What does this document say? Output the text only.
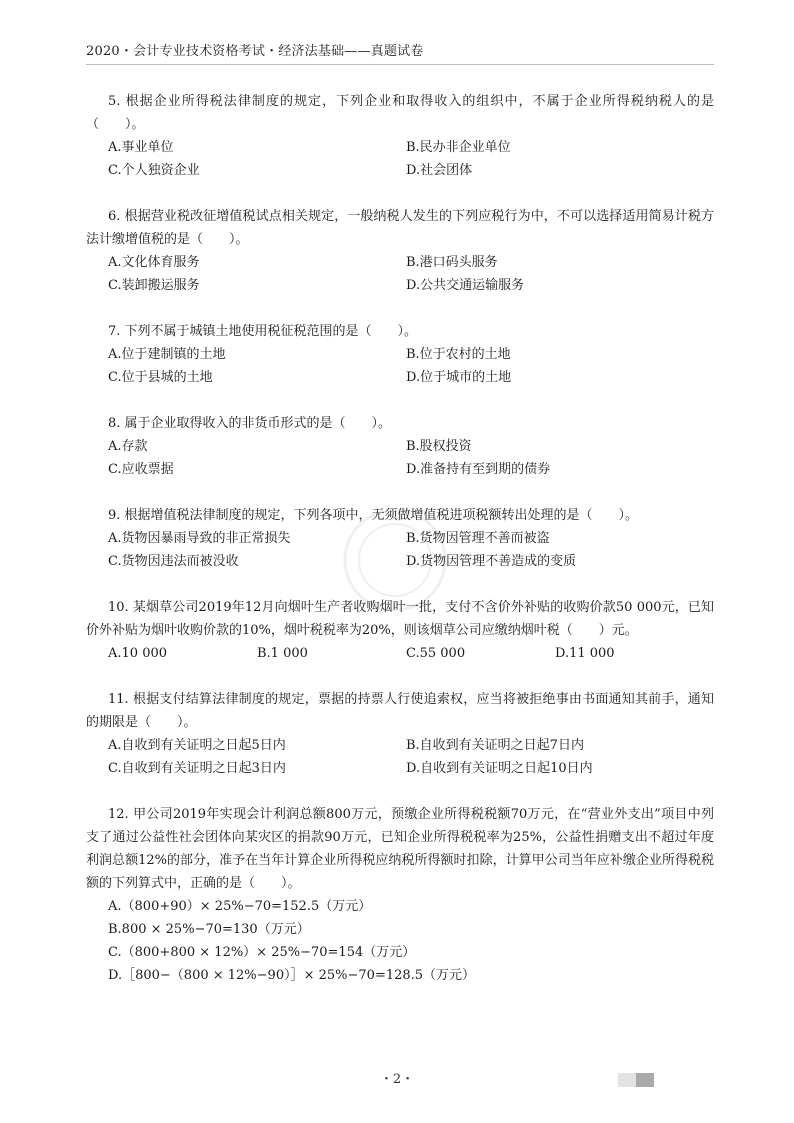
2020・会计专业技术资格考试・经济法基础——真题试卷

5. 根据企业所得税法律制度的规定，下列企业和取得收入的组织中，不属于企业所得税纳税人的是（　　）。

A.事业单位	B.民办非企业单位
C.个人独资企业	D.社会团体

6. 根据营业税改征增值税试点相关规定，一般纳税人发生的下列应税行为中，不可以选择适用简易计税方法计缴增值税的是（　　）。

A.文化体育服务	B.港口码头服务
C.装卸搬运服务	D.公共交通运输服务

7. 下列不属于城镇土地使用税征税范围的是（　　）。

A.位于建制镇的土地	B.位于农村的土地
C.位于县城的土地	D.位于城市的土地

8. 属于企业取得收入的非货币形式的是（　　）。

A.存款	B.股权投资
C.应收票据	D.准备持有至到期的债券

9. 根据增值税法律制度的规定，下列各项中，无须做增值税进项税额转出处理的是（　　）。

A.货物因暴雨导致的非正常损失	B.货物因管理不善而被盗
C.货物因违法而被没收	D.货物因管理不善造成的变质

10. 某烟草公司2019年12月向烟叶生产者收购烟叶一批，支付不含价外补贴的收购价款50 000元，已知价外补贴为烟叶收购价款的10%，烟叶税税率为20%，则该烟草公司应缴纳烟叶税（　　）元。

A.10 000	B.1 000	C.55 000	D.11 000

11. 根据支付结算法律制度的规定，票据的持票人行使追索权，应当将被拒绝事由书面通知其前手，通知的期限是（　　）。

A.自收到有关证明之日起5日内	B.自收到有关证明之日起7日内
C.自收到有关证明之日起3日内	D.自收到有关证明之日起10日内

12. 甲公司2019年实现会计利润总额800万元，预缴企业所得税税额70万元，在“营业外支出”项目中列支了通过公益性社会团体向某灾区的捐款90万元，已知企业所得税税率为25%，公益性捐赠支出不超过年度利润总额12%的部分，准予在当年计算企业所得税应纳税所得额时扣除，计算甲公司当年应补缴企业所得税税额的下列算式中，正确的是（　　）。

A.（800+90）× 25%−70=152.5（万元）
B.800 × 25%−70=130（万元）
C.（800+800 × 12%）× 25%−70=154（万元）
D.［800−（800 × 12%−90）］× 25%−70=128.5（万元）
・2・
